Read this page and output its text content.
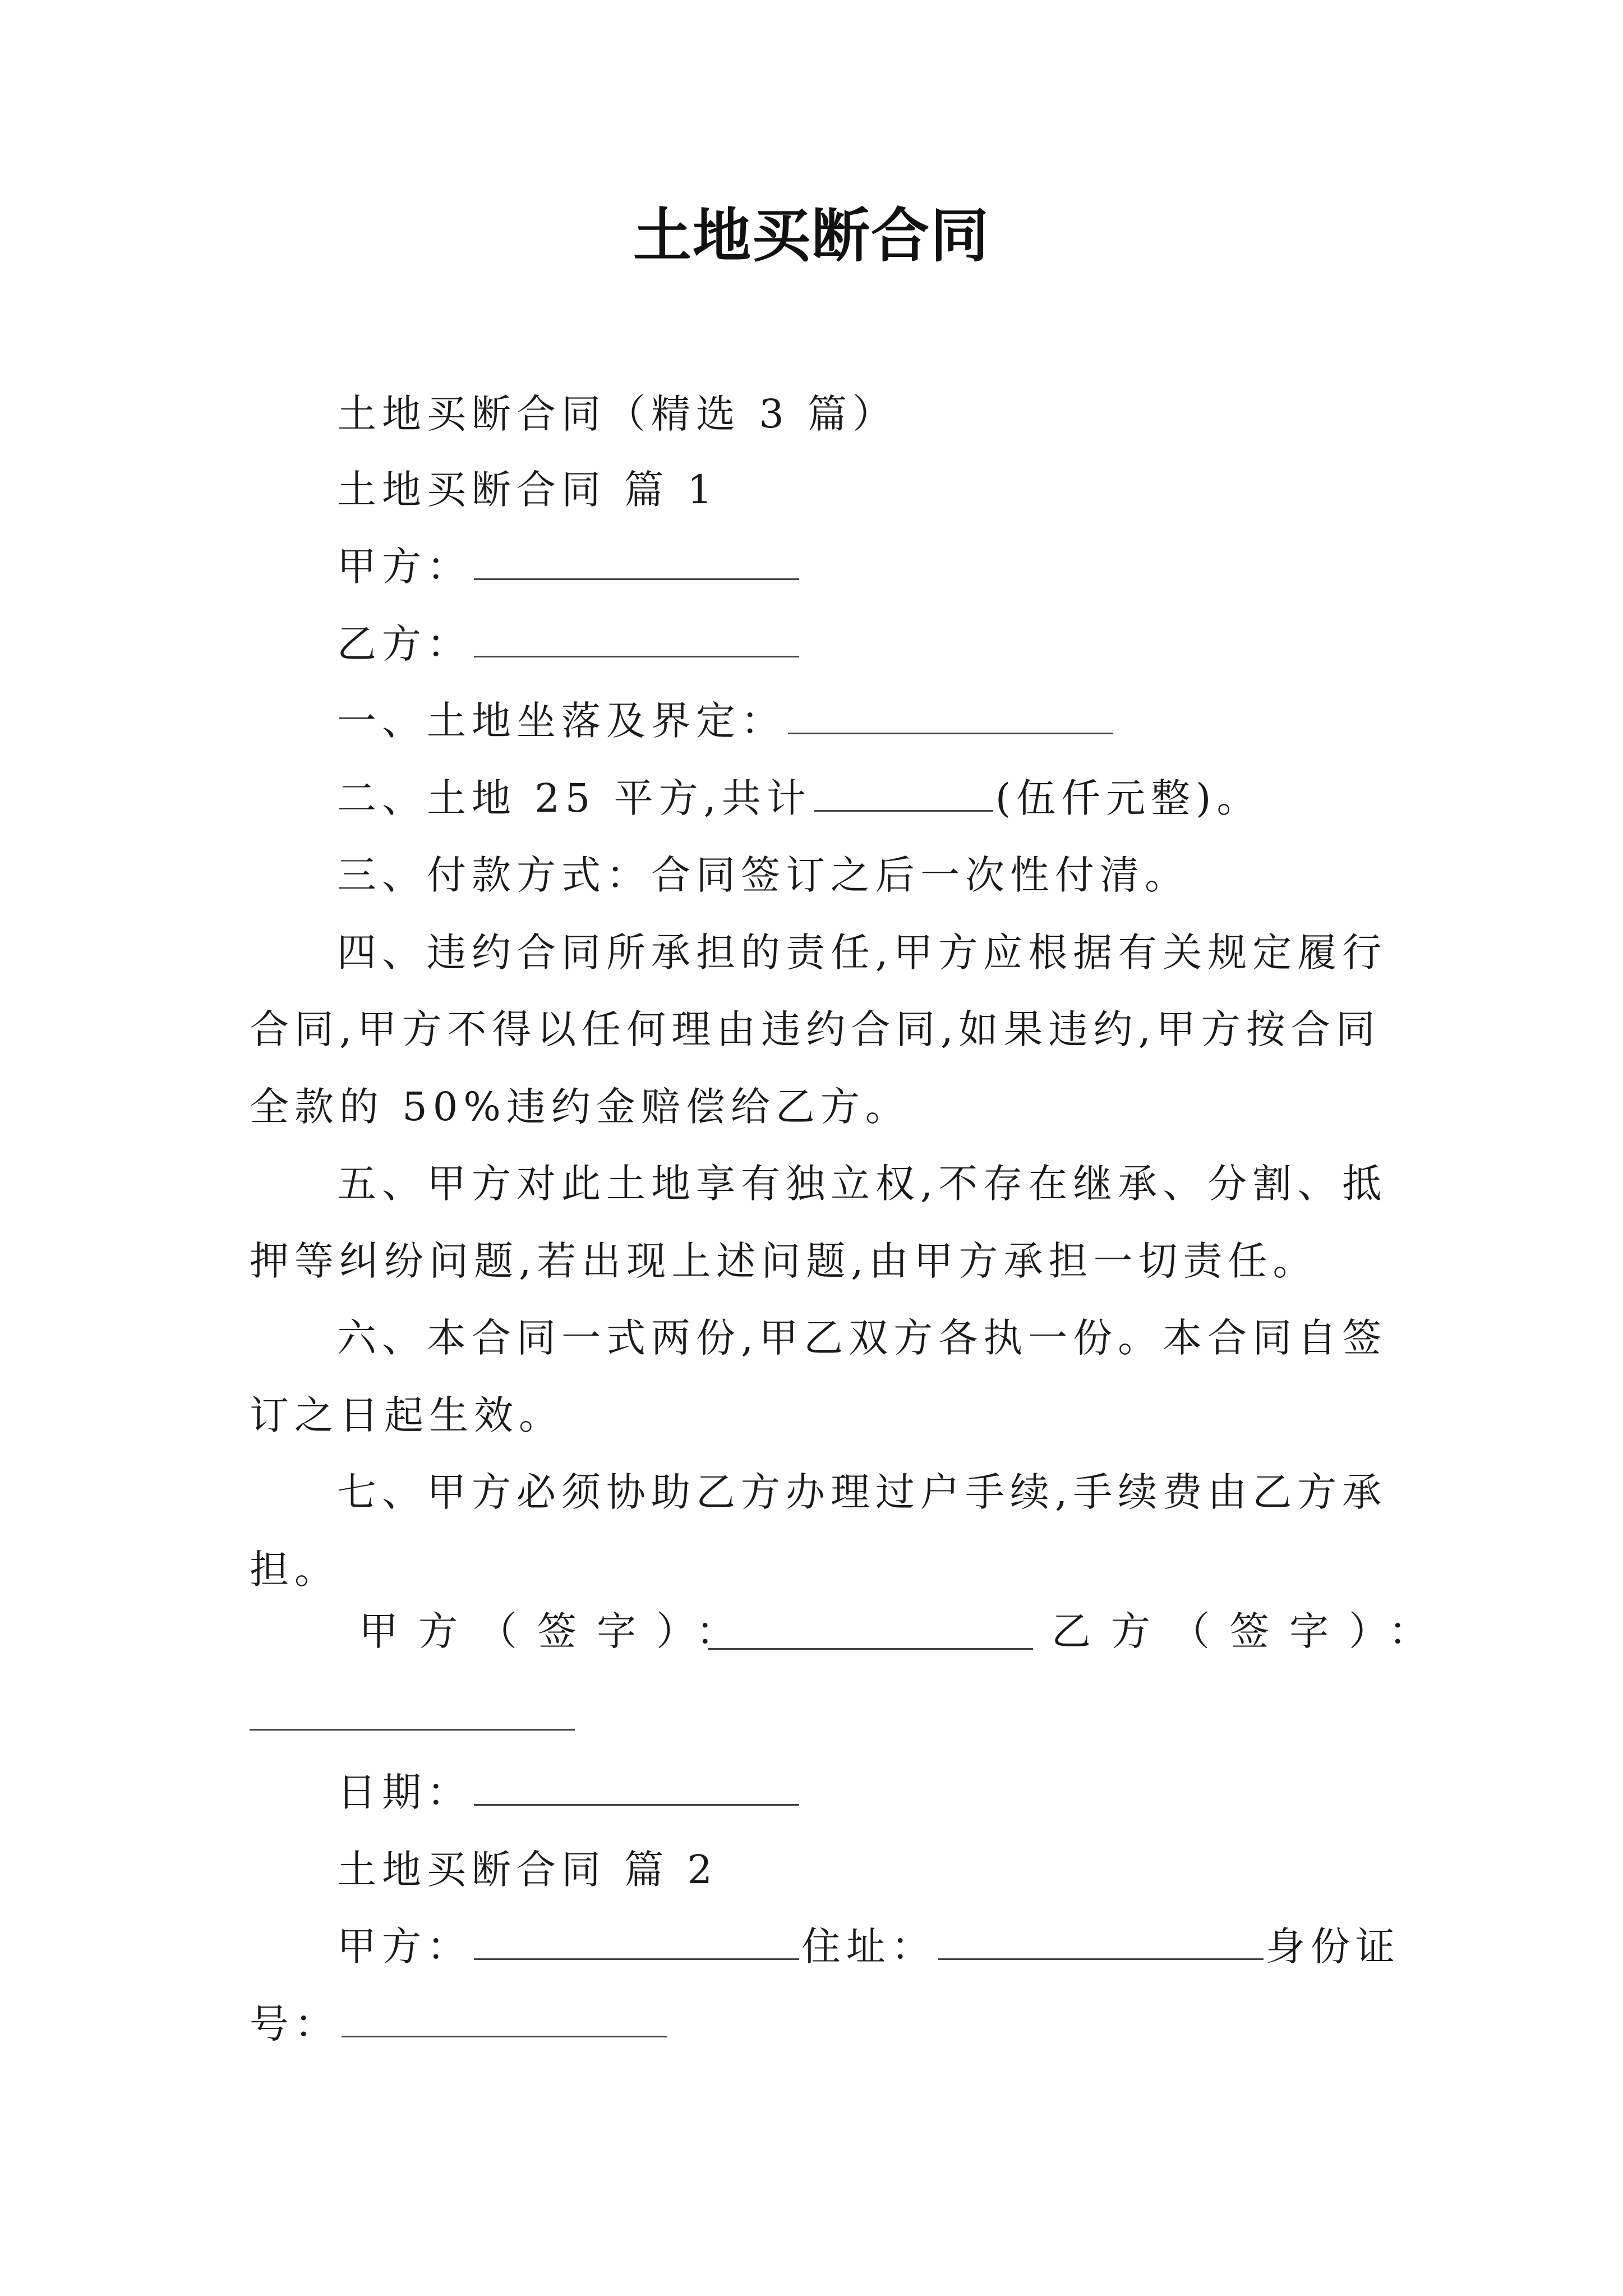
土地买断合同
土地买断合同（精选 3 篇）
土地买断合同 篇 1
甲方：
乙方：
一、土地坐落及界定：
二、土地 25 平方,共计	(伍仟元整)。
三、付款方式：合同签订之后一次性付清。
四、违约合同所承担的责任,甲方应根据有关规定履行
合同,甲方不得以任何理由违约合同,如果违约,甲方按合同
全款的 50%违约金赔偿给乙方。
五、甲方对此土地享有独立权,不存在继承、分割、抵
押等纠纷问题,若出现上述问题,由甲方承担一切责任。
六、本合同一式两份,甲乙双方各执一份。本合同自签
订之日起生效。
七、甲方必须协助乙方办理过户手续,手续费由乙方承
担。
甲方（签字）：	乙方（签字）：
日期：
土地买断合同 篇 2
甲方：	住址：	身份证
号：
